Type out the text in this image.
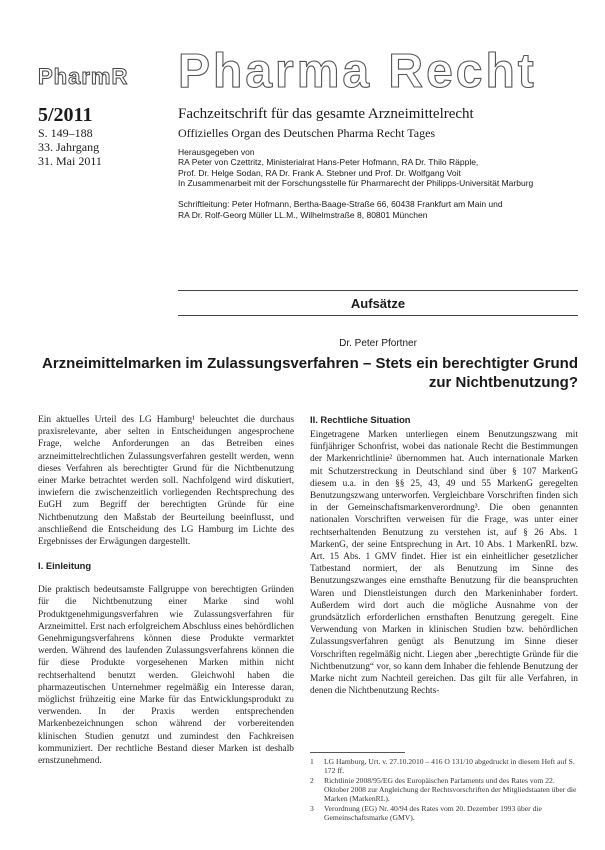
PharmR Pharma Recht
5/2011
S. 149–188
33. Jahrgang
31. Mai 2011
Fachzeitschrift für das gesamte Arzneimittelrecht
Offizielles Organ des Deutschen Pharma Recht Tages
Herausgegeben von
RA Peter von Czettritz, Ministerialrat Hans-Peter Hofmann, RA Dr. Thilo Räpple,
Prof. Dr. Helge Sodan, RA Dr. Frank A. Stebner und Prof. Dr. Wolfgang Voit
In Zusammenarbeit mit der Forschungsstelle für Pharmarecht der Philipps-Universität Marburg
Schriftleitung: Peter Hofmann, Bertha-Baage-Straße 66, 60438 Frankfurt am Main und
RA Dr. Rolf-Georg Müller LL.M., Wilhelmstraße 8, 80801 München
Aufsätze
Dr. Peter Pfortner
Arzneimittelmarken im Zulassungsverfahren – Stets ein berechtigter Grund
zur Nichtbenutzung?

Ein aktuelles Urteil des LG Hamburg¹ beleuchtet die durchaus praxisrelevante, aber selten in Entscheidungen angesprochene Frage, welche Anforderungen an das Betreiben eines arzneimittelrechtlichen Zulassungsverfahren gestellt werden, wenn dieses Verfahren als berechtigter Grund für die Nichtbenutzung einer Marke betrachtet werden soll. Nachfolgend wird diskutiert, inwiefern die zwischenzeitlich vorliegenden Rechtsprechung des EuGH zum Begriff der berechtigten Gründe für eine Nichtbenutzung den Maßstab der Beurteilung beeinflusst, und anschließend die Entscheidung des LG Hamburg im Lichte des Ergebnisses der Erwägungen dargestellt.

I. Einleitung

Die praktisch bedeutsamste Fallgruppe von berechtigten Gründen für die Nichtbenutzung einer Marke sind wohl Produktgenehmigungsverfahren wie Zulassungsverfahren für Arzneimittel. Erst nach erfolgreichem Abschluss eines behördlichen Genehmigungsverfahrens können diese Produkte vermarktet werden. Während des laufenden Zulassungsverfahrens können die für diese Produkte vorgesehenen Marken mithin nicht rechtserhaltend benutzt werden. Gleichwohl haben die pharmazeutischen Unternehmer regelmäßig ein Interesse daran, möglichst frühzeitig eine Marke für das Entwicklungsprodukt zu verwenden. In der Praxis werden entsprechenden Markenbezeichnungen schon während der vorbereitenden klinischen Studien genutzt und zumindest den Fachkreisen kommuniziert. Der rechtliche Bestand dieser Marken ist deshalb ernstzunehmend.

II. Rechtliche Situation

Eingetragene Marken unterliegen einem Benutzungszwang mit fünfjähriger Schonfrist, wobei das nationale Recht die Bestimmungen der Markenrichtlinie² übernommen hat. Auch internationale Marken mit Schutzerstreckung in Deutschland sind über § 107 MarkenG diesem u.a. in den §§ 25, 43, 49 und 55 MarkenG geregelten Benutzungszwang unterworfen. Vergleichbare Vorschriften finden sich in der Gemeinschaftsmarkenverordnung³. Die oben genannten nationalen Vorschriften verweisen für die Frage, was unter einer rechtserhaltenden Benutzung zu verstehen ist, auf § 26 Abs. 1 MarkenG, der seine Entsprechung in Art. 10 Abs. 1 MarkenRL bzw. Art. 15 Abs. 1 GMV findet. Hier ist ein einheitlicher gesetzlicher Tatbestand normiert, der als Benutzung im Sinne des Benutzungszwanges eine ernsthafte Benutzung für die beanspruchten Waren und Dienstleistungen durch den Markeninhaber fordert. Außerdem wird dort auch die mögliche Ausnahme von der grundsätzlich erforderlichen ernsthaften Benutzung geregelt. Eine Verwendung von Marken in klinischen Studien bzw. behördlichen Zulassungsverfahren genügt als Benutzung im Sinne dieser Vorschriften regelmäßig nicht. Liegen aber „berechtigte Gründe für die Nichtbenutzung“ vor, so kann dem Inhaber die fehlende Benutzung der Marke nicht zum Nachteil gereichen. Das gilt für alle Verfahren, in denen die Nichtbenutzung Rechts-

1 LG Hamburg, Urt. v. 27.10.2010 – 416 O 131/10 abgedruckt in diesem Heft auf S. 172 ff.
2 Richtlinie 2008/95/EG des Europäischen Parlaments und des Rates vom 22. Oktober 2008 zur Angleichung der Rechtsvorschriften der Mitgliedstaaten über die Marken (MarkenRL).
3 Verordnung (EG) Nr. 40/94 des Rates vom 20. Dezember 1993 über die Gemeinschaftsmarke (GMV).
